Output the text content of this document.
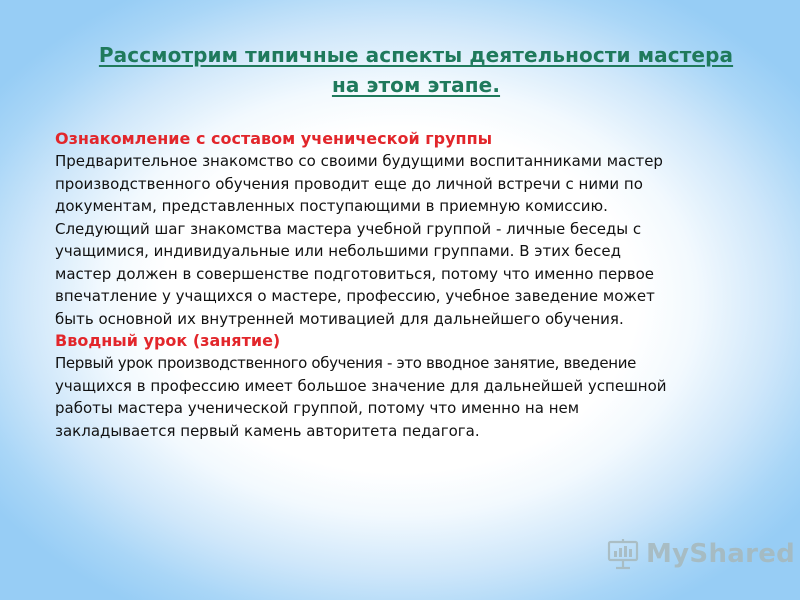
Рассмотрим типичные аспекты деятельности мастера
на этом этапе.

Ознакомление с составом ученической группы

Предварительное знакомство со своими будущими воспитанниками мастер
производственного обучения проводит еще до личной встречи с ними по
документам, представленных поступающими в приемную комиссию.
Следующий шаг знакомства мастера учебной группой - личные беседы с
учащимися, индивидуальные или небольшими группами. В этих бесед
мастер должен в совершенстве подготовиться, потому что именно первое
впечатление у учащихся о мастере, профессию, учебное заведение может
быть основной их внутренней мотивацией для дальнейшего обучения.

Вводный урок (занятие)

Первый урок производственного обучения - это вводное занятие, введение
учащихся в профессию имеет большое значение для дальнейшей успешной
работы мастера ученической группой, потому что именно на нем
закладывается первый камень авторитета педагога.

MyShared
